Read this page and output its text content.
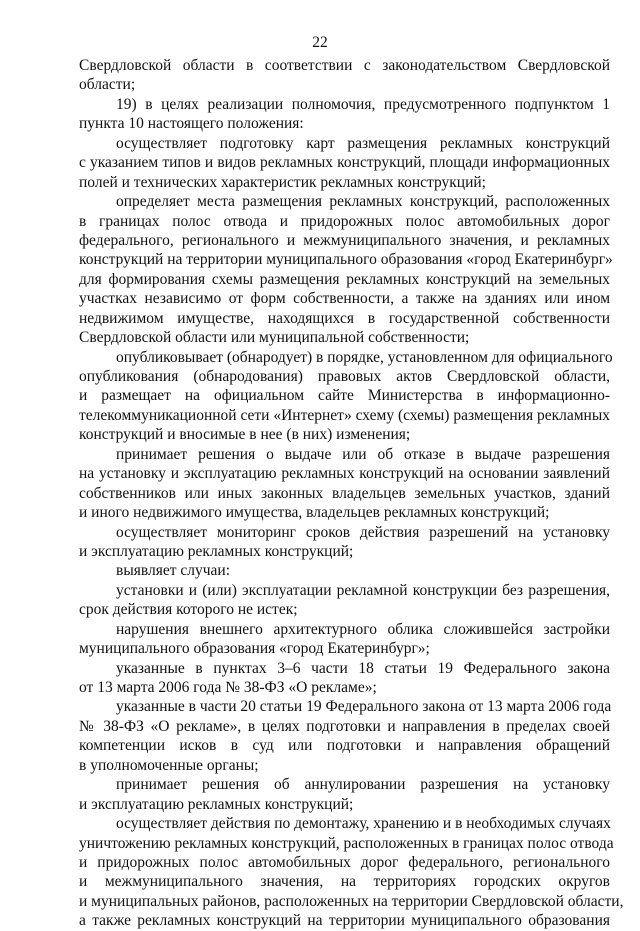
22
Свердловской области в соответствии с законодательством Свердловской
области;
19) в целях реализации полномочия, предусмотренного подпунктом 1
пункта 10 настоящего положения:
осуществляет подготовку карт размещения рекламных конструкций
с указанием типов и видов рекламных конструкций, площади информационных
полей и технических характеристик рекламных конструкций;
определяет места размещения рекламных конструкций, расположенных
в границах полос отвода и придорожных полос автомобильных дорог
федерального, регионального и межмуниципального значения, и рекламных
конструкций на территории муниципального образования «город Екатеринбург»
для формирования схемы размещения рекламных конструкций на земельных
участках независимо от форм собственности, а также на зданиях или ином
недвижимом имуществе, находящихся в государственной собственности
Свердловской области или муниципальной собственности;
опубликовывает (обнародует) в порядке, установленном для официального
опубликования (обнародования) правовых актов Свердловской области,
и размещает на официальном сайте Министерства в информационно-
телекоммуникационной сети «Интернет» схему (схемы) размещения рекламных
конструкций и вносимые в нее (в них) изменения;
принимает решения о выдаче или об отказе в выдаче разрешения
на установку и эксплуатацию рекламных конструкций на основании заявлений
собственников или иных законных владельцев земельных участков, зданий
и иного недвижимого имущества, владельцев рекламных конструкций;
осуществляет мониторинг сроков действия разрешений на установку
и эксплуатацию рекламных конструкций;
выявляет случаи:
установки и (или) эксплуатации рекламной конструкции без разрешения,
срок действия которого не истек;
нарушения внешнего архитектурного облика сложившейся застройки
муниципального образования «город Екатеринбург»;
указанные в пунктах 3–6 части 18 статьи 19 Федерального закона
от 13 марта 2006 года № 38-ФЗ «О рекламе»;
указанные в части 20 статьи 19 Федерального закона от 13 марта 2006 года
№ 38-ФЗ «О рекламе», в целях подготовки и направления в пределах своей
компетенции исков в суд или подготовки и направления обращений
в уполномоченные органы;
принимает решения об аннулировании разрешения на установку
и эксплуатацию рекламных конструкций;
осуществляет действия по демонтажу, хранению и в необходимых случаях
уничтожению рекламных конструкций, расположенных в границах полос отвода
и придорожных полос автомобильных дорог федерального, регионального
и межмуниципального значения, на территориях городских округов
и муниципальных районов, расположенных на территории Свердловской области,
а также рекламных конструкций на территории муниципального образования
